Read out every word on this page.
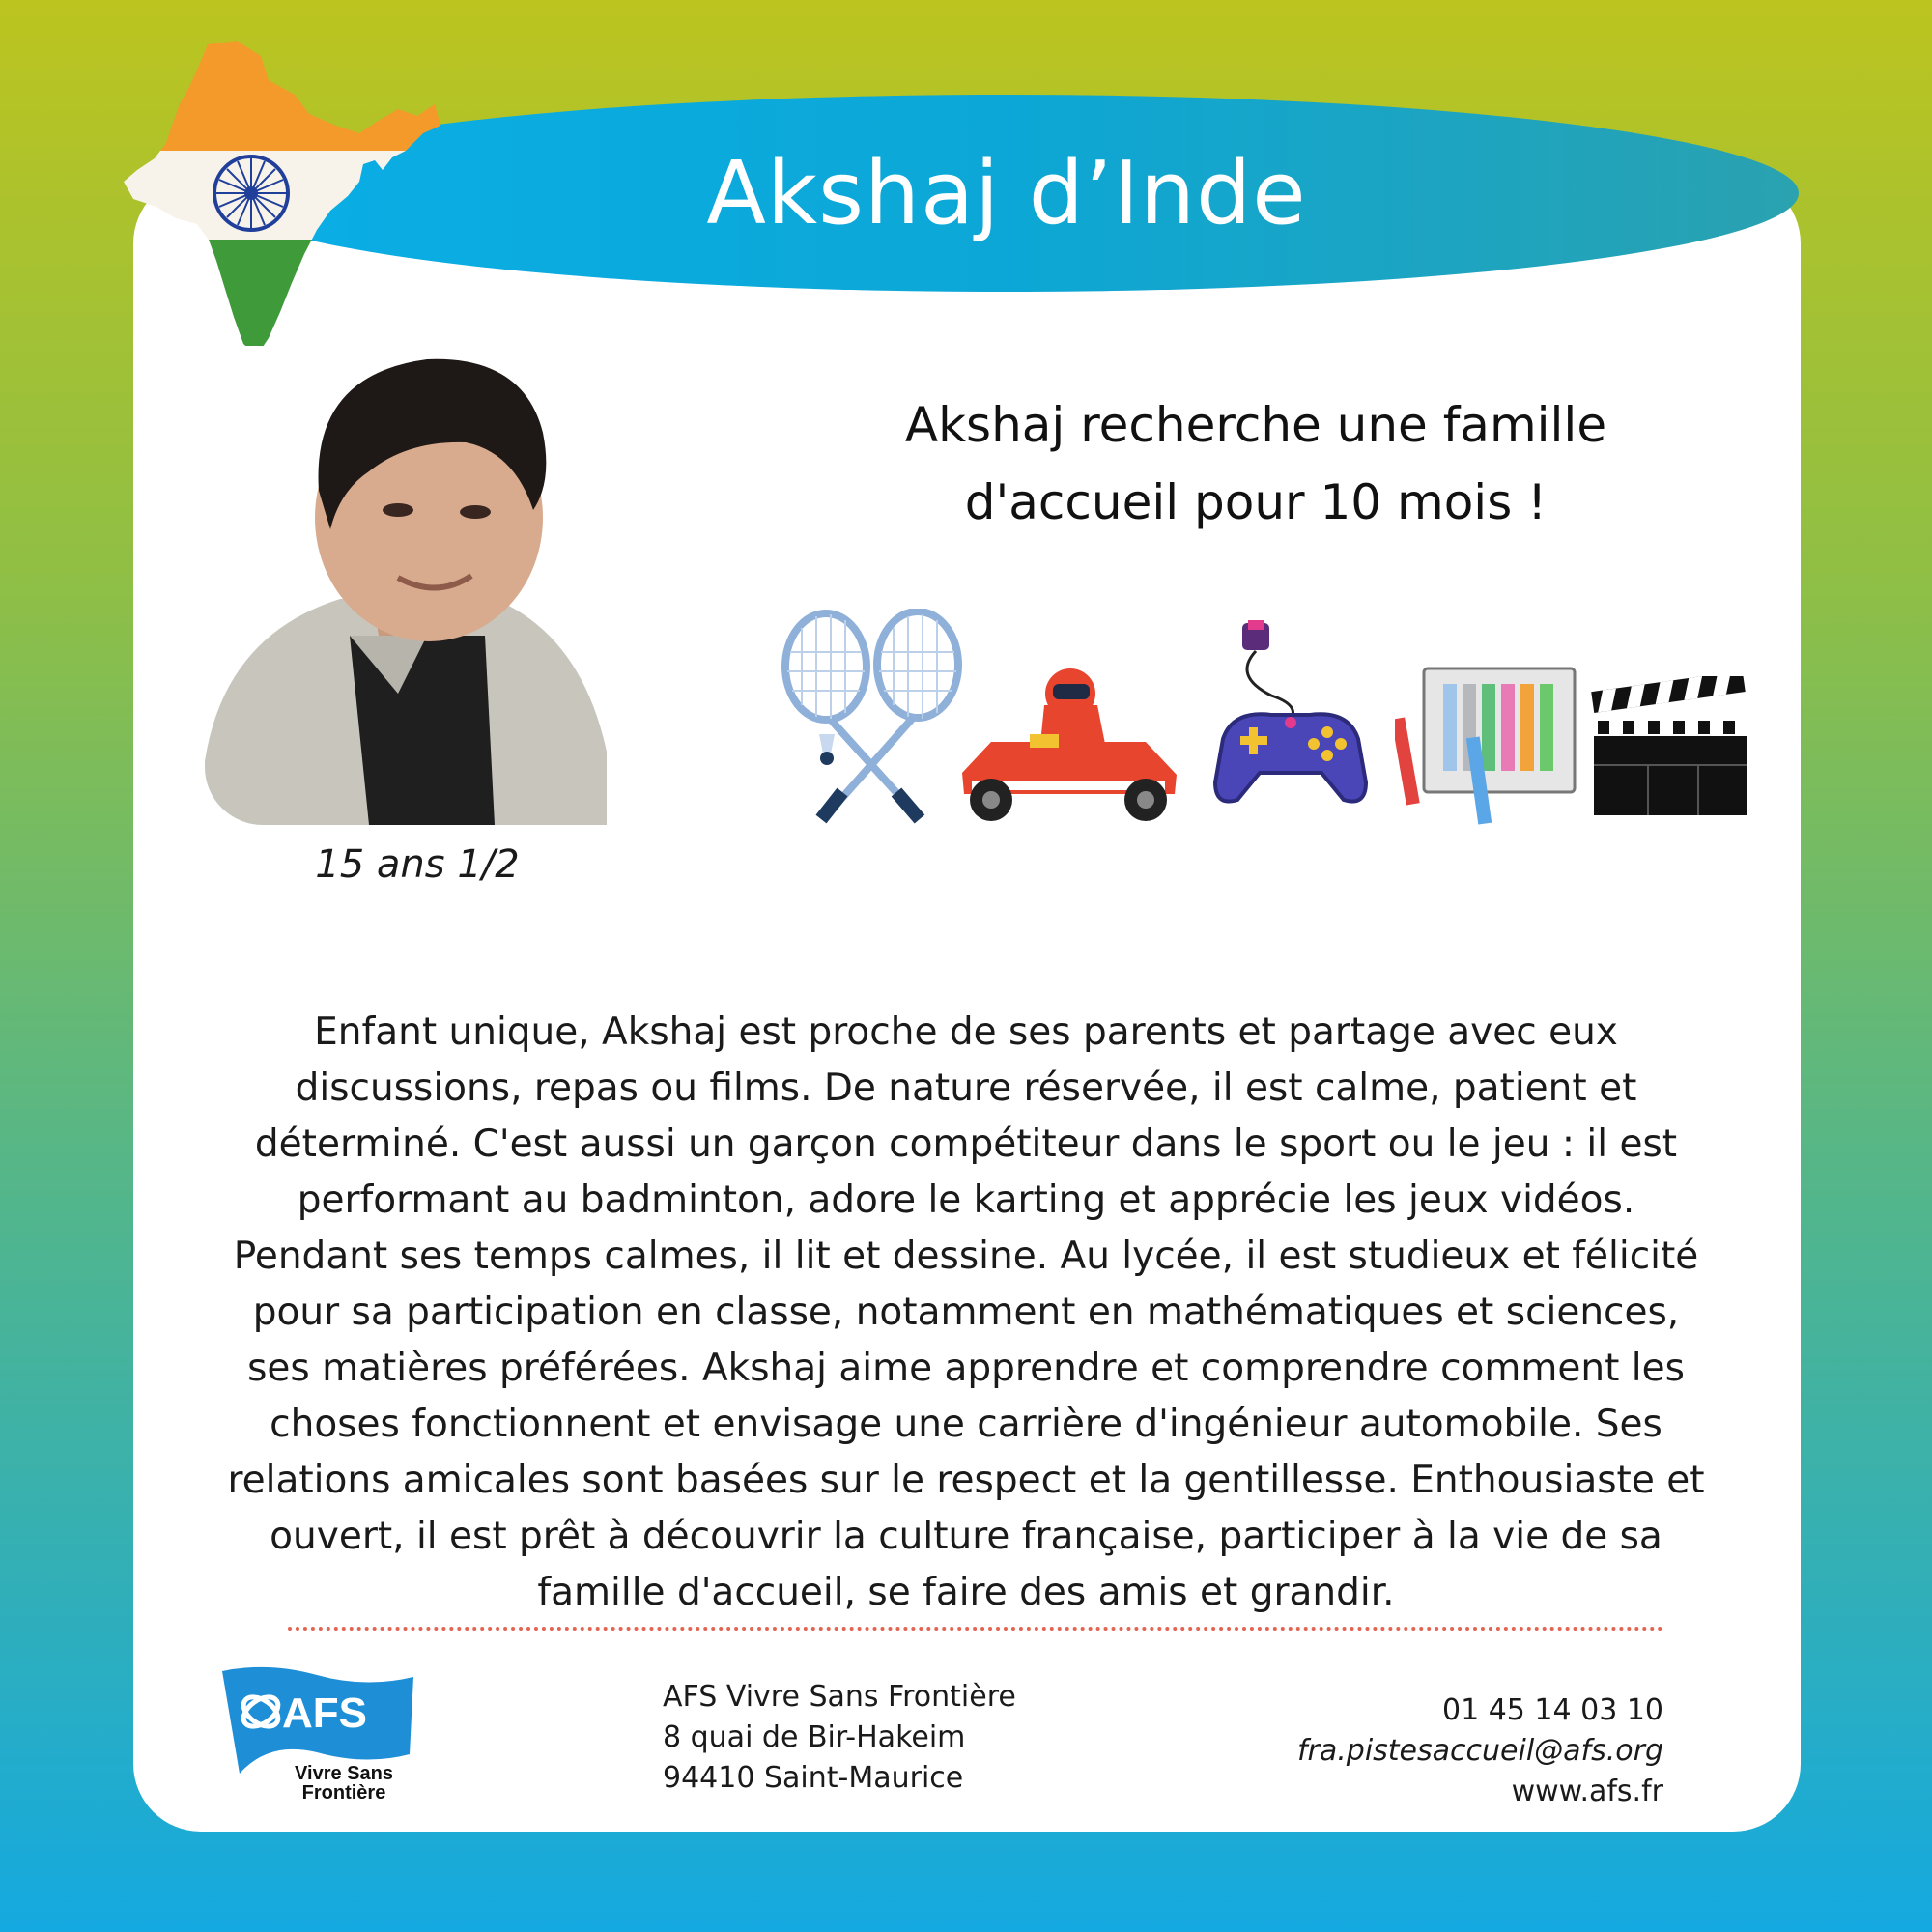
Akshaj d’Inde
15 ans 1/2
Akshaj recherche une famille
d'accueil pour 10 mois !
Enfant unique, Akshaj est proche de ses parents et partage avec eux
discussions, repas ou films. De nature réservée, il est calme, patient et
déterminé. C'est aussi un garçon compétiteur dans le sport ou le jeu : il est
performant au badminton, adore le karting et apprécie les jeux vidéos.
Pendant ses temps calmes, il lit et dessine. Au lycée, il est studieux et félicité
pour sa participation en classe, notamment en mathématiques et sciences,
ses matières préférées. Akshaj aime apprendre et comprendre comment les
choses fonctionnent et envisage une carrière d'ingénieur automobile. Ses
relations amicales sont basées sur le respect et la gentillesse. Enthousiaste et
ouvert, il est prêt à découvrir la culture française, participer à la vie de sa
famille d'accueil, se faire des amis et grandir.
AFS
Vivre Sans
Frontière
AFS Vivre Sans Frontière
8 quai de Bir-Hakeim
94410 Saint-Maurice
01 45 14 03 10
fra.pistesaccueil@afs.org
www.afs.fr
